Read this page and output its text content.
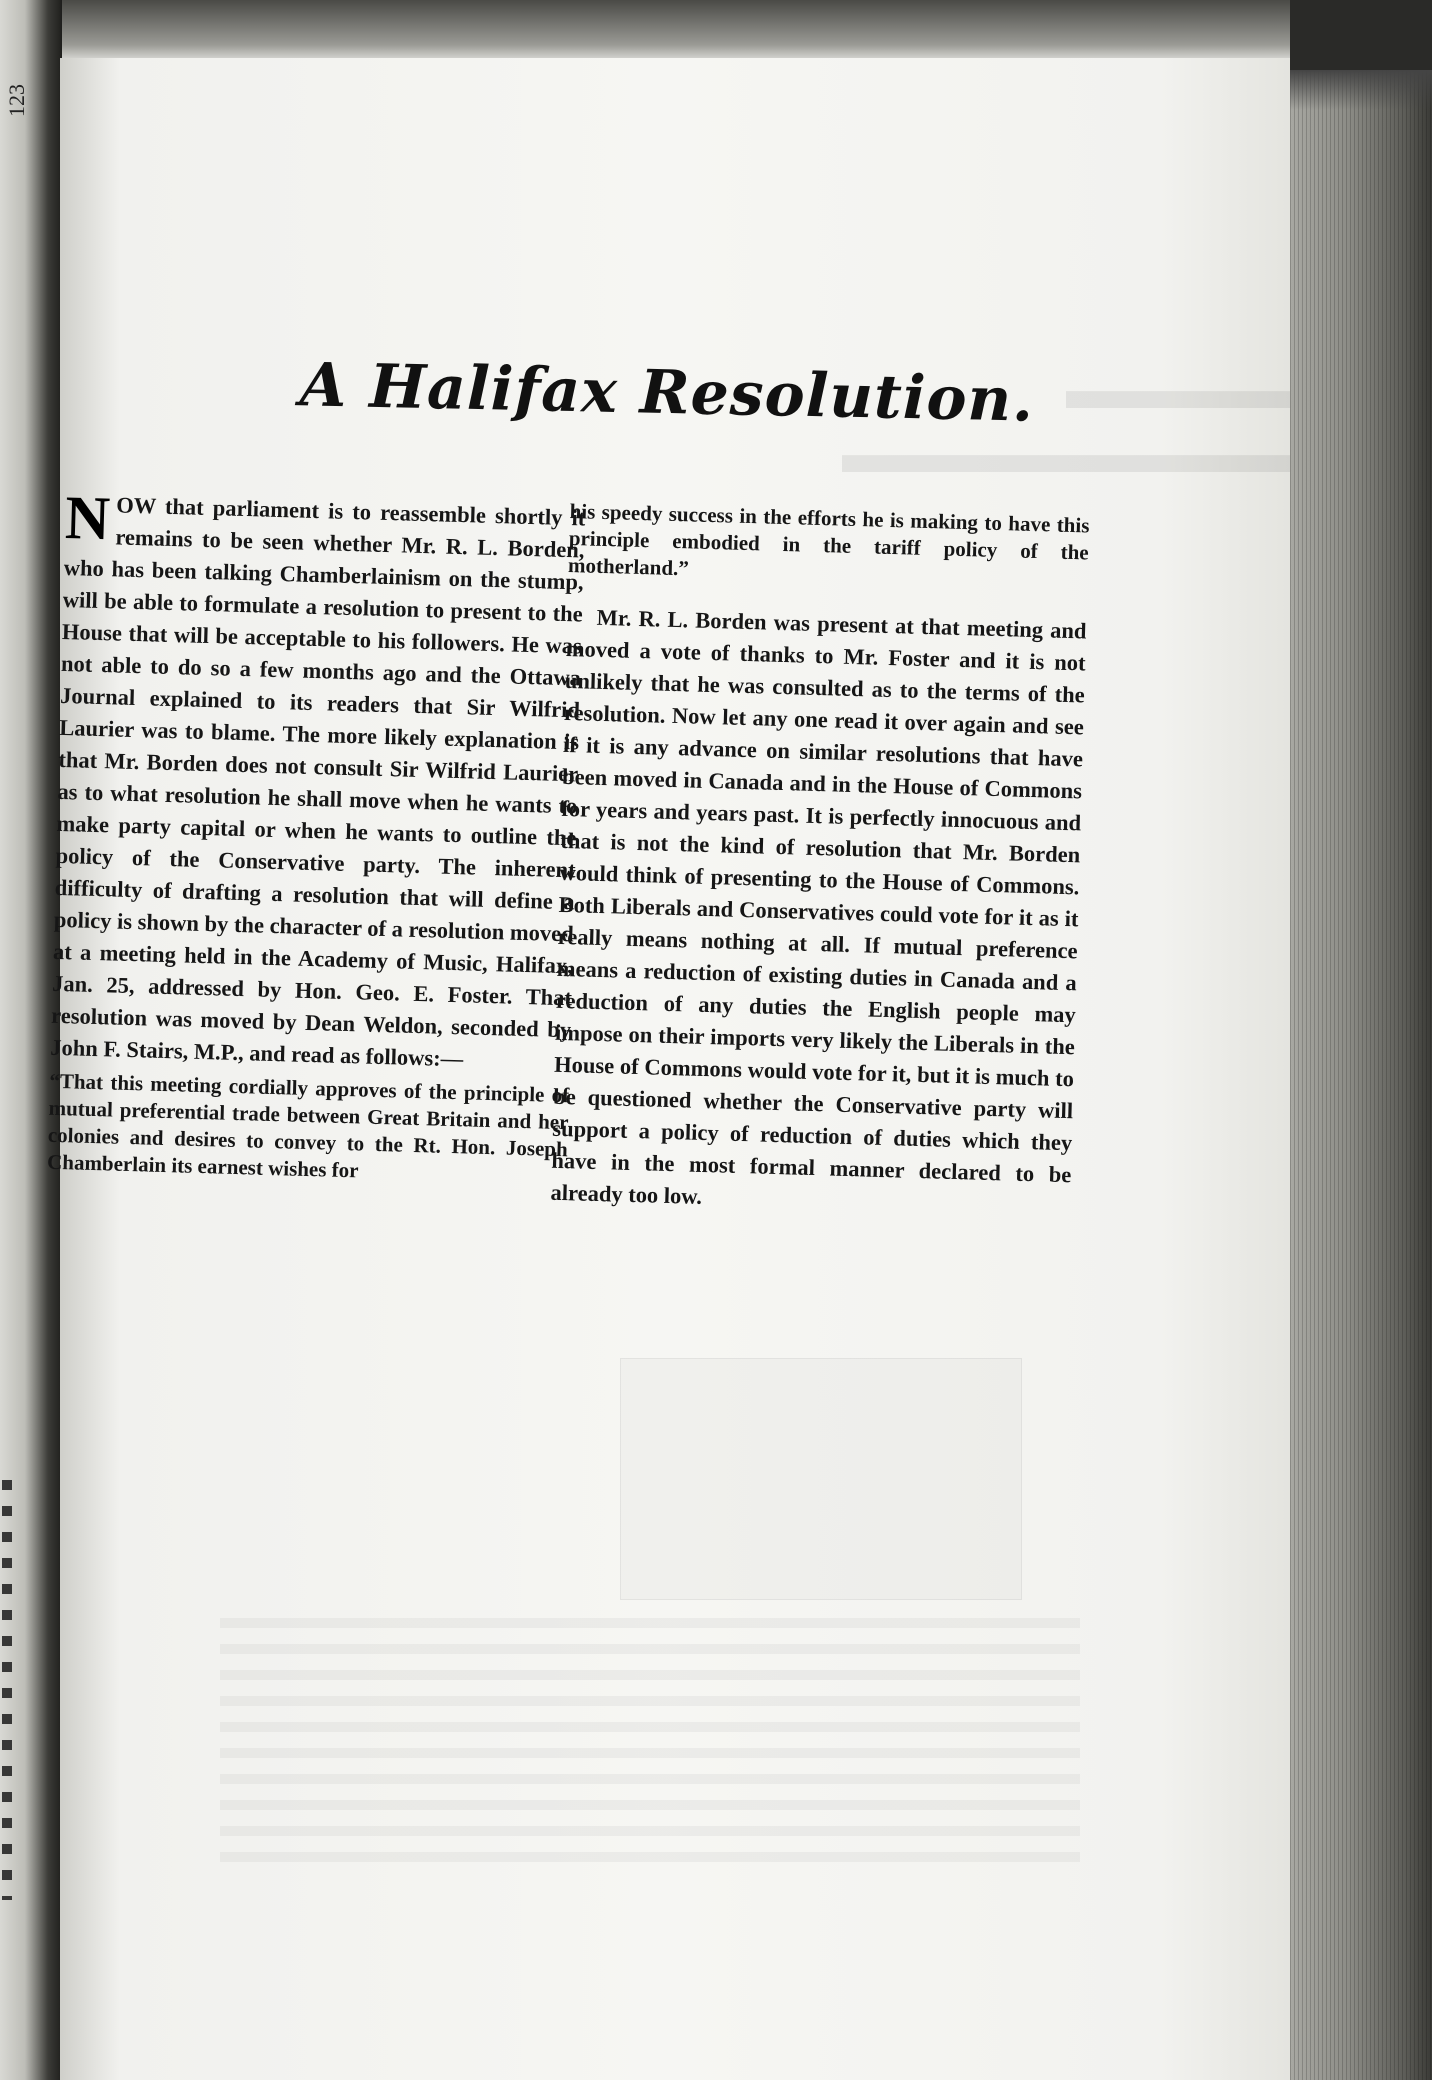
123
▬▬▬▬ ▬▬▬▬▬▬▬▬
A Halifax Resolution.

NOW that parliament is to reassemble shortly it remains to be seen whether Mr. R. L. Borden, who has been talking Chamberlainism on the stump, will be able to formulate a resolution to present to the House that will be acceptable to his followers. He was not able to do so a few months ago and the Ottawa Journal explained to its readers that Sir Wilfrid Laurier was to blame. The more likely explanation is that Mr. Borden does not consult Sir Wilfrid Laurier as to what resolution he shall move when he wants to make party capital or when he wants to outline the policy of the Conservative party. The inherent difficulty of drafting a resolution that will define a policy is shown by the character of a resolution moved at a meeting held in the Academy of Music, Halifax, Jan. 25, addressed by Hon. Geo. E. Foster. That resolution was moved by Dean Weldon, seconded by John F. Stairs, M.P., and read as follows:—

“That this meeting cordially approves of the principle of mutual preferential trade between Great Britain and her colonies and desires to convey to the Rt. Hon. Joseph Chamberlain its earnest wishes for

his speedy success in the efforts he is making to have this principle embodied in the tariff policy of the motherland.”

Mr. R. L. Borden was present at that meeting and moved a vote of thanks to Mr. Foster and it is not unlikely that he was consulted as to the terms of the resolution. Now let any one read it over again and see if it is any advance on similar resolutions that have been moved in Canada and in the House of Commons for years and years past. It is perfectly innocuous and that is not the kind of resolution that Mr. Borden would think of presenting to the House of Commons. Both Liberals and Conservatives could vote for it as it really means nothing at all. If mutual preference means a reduction of existing duties in Canada and a reduction of any duties the English people may impose on their imports very likely the Liberals in the House of Commons would vote for it, but it is much to be questioned whether the Conservative party will support a policy of reduction of duties which they have in the most formal manner declared to be already too low.
